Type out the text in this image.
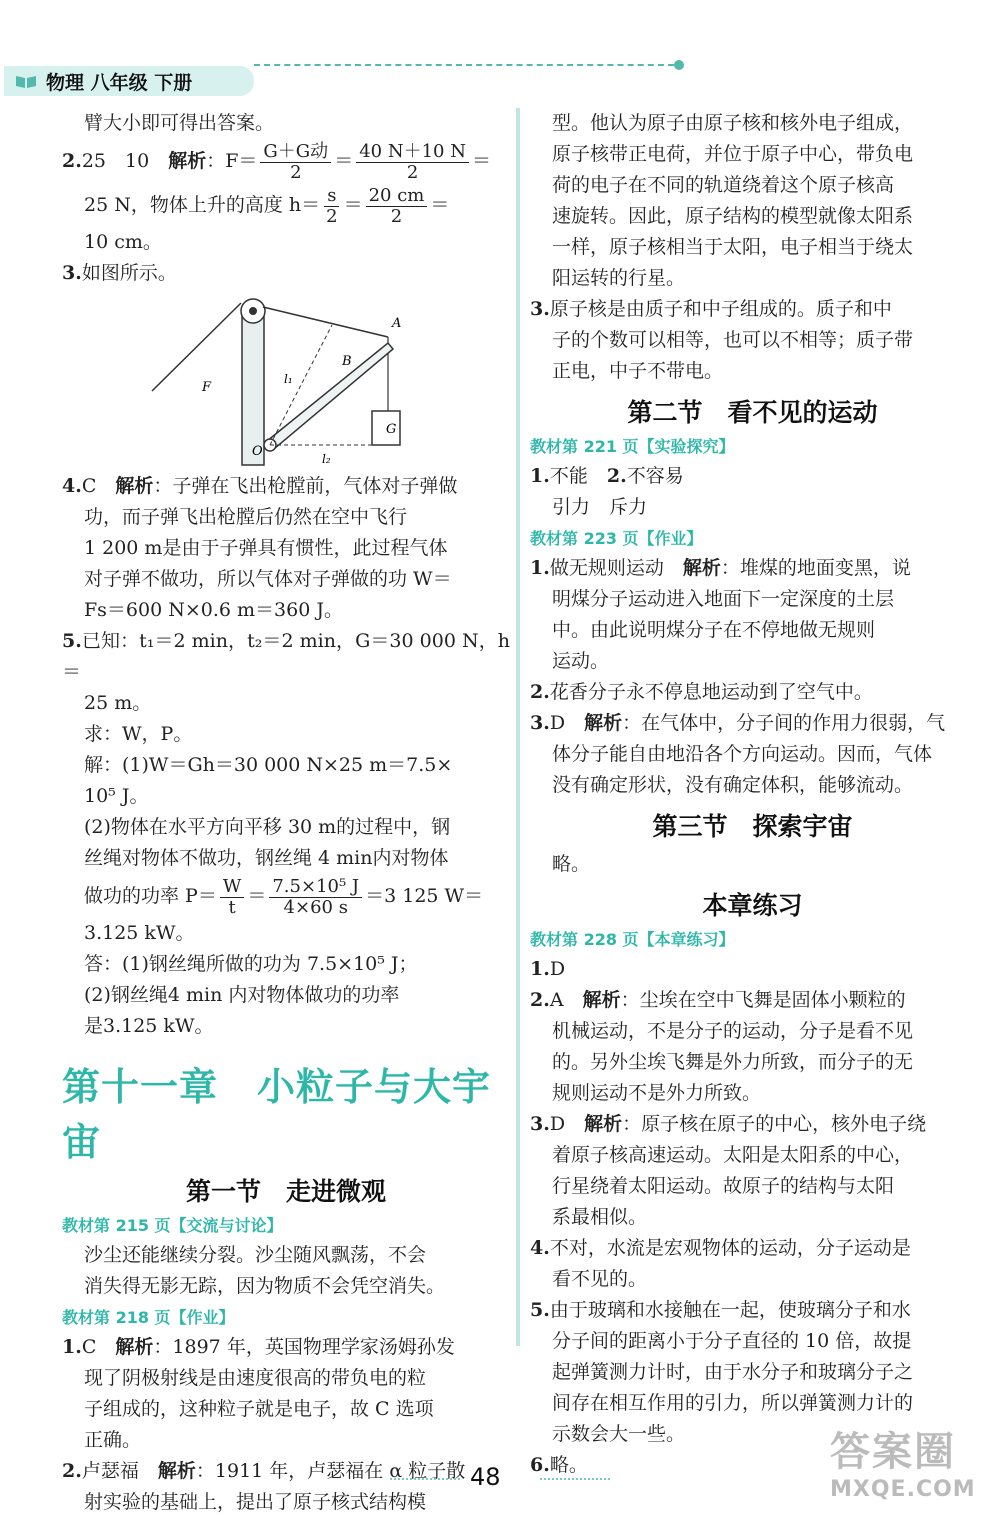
物理 八年级 下册

臂大小即可得出答案。

2.25　10　 解析：$F= \frac{\text{G＋G动}}{2} = \frac{40 N+10 N}{2}$ ＝
25 N，物体上升的高度 $h= \frac{s}{2} = \frac{20 cm}{2}$ ＝

10 cm。

3.如图所示。

A
B
F
O
G
l₁
l₂

4.C　 解析：子弹在飞出枪膛前，气体对子弹做

功，而子弹飞出枪膛后仍然在空中飞行

1 200 m是由于子弹具有惯性，此过程气体

对子弹不做功，所以气体对子弹做的功 W＝

Fs＝600 N×0.6 m＝360 J。

5.已知：t₁＝2 min，t₂＝2 min，G＝30 000 N，h＝

25 m。

求：W，P。

解：(1)W＝Gh＝30 000 N×25 m＝7.5×

10⁵ J。

(2)物体在水平方向平移 30 m的过程中，钢

丝绳对物体不做功，钢丝绳 4 min内对物体

做功的功率 $P= \frac{W}{t} = \frac{\text{7.5×10⁵ J}}{4\times 60 s} =3$ 125 W＝

3.125 kW。

答：(1)钢丝绳所做的功为 7.5×10⁵ J；

(2)钢丝绳4 min 内对物体做功的功率

是3.125 kW。

第十一章　小粒子与大宇宙
第一节　走进微观
教材第 215 页【交流与讨论】

沙尘还能继续分裂。沙尘随风飘荡，不会

消失得无影无踪，因为物质不会凭空消失。

教材第 218 页【作业】

1.C　 解析：1897 年，英国物理学家汤姆孙发

现了阴极射线是由速度很高的带负电的粒

子组成的，这种粒子就是电子，故 C 选项

正确。

2.卢瑟福　 解析：1911 年，卢瑟福在 α 粒子散

射实验的基础上，提出了原子核式结构模

型。他认为原子由原子核和核外电子组成，

原子核带正电荷，并位于原子中心，带负电

荷的电子在不同的轨道绕着这个原子核高

速旋转。因此，原子结构的模型就像太阳系

一样，原子核相当于太阳，电子相当于绕太

阳运转的行星。

3.原子核是由质子和中子组成的。质子和中

子的个数可以相等，也可以不相等；质子带

正电，中子不带电。

第二节　看不见的运动
教材第 221 页【实验探究】

1.不能　2.不容易

引力　斥力

教材第 223 页【作业】

1.做无规则运动　 解析：堆煤的地面变黑，说

明煤分子运动进入地面下一定深度的土层

中。由此说明煤分子在不停地做无规则

运动。

2.花香分子永不停息地运动到了空气中。

3.D　 解析：在气体中，分子间的作用力很弱，气

体分子能自由地沿各个方向运动。因而，气体

没有确定形状，没有确定体积，能够流动。

第三节　探索宇宙

略。

本章练习
教材第 228 页【本章练习】

1.D

2.A　 解析：尘埃在空中飞舞是固体小颗粒的

机械运动，不是分子的运动，分子是看不见

的。另外尘埃飞舞是外力所致，而分子的无

规则运动不是外力所致。

3.D　 解析：原子核在原子的中心，核外电子绕

着原子核高速运动。太阳是太阳系的中心，

行星绕着太阳运动。故原子的结构与太阳

系最相似。

4.不对，水流是宏观物体的运动，分子运动是

看不见的。

5.由于玻璃和水接触在一起，使玻璃分子和水

分子间的距离小于分子直径的 10 倍，故提

起弹簧测力计时，由于水分子和玻璃分子之

间存在相互作用的引力，所以弹簧测力计的

示数会大一些。

6.略。

48
答案圈
MXQE.COM
